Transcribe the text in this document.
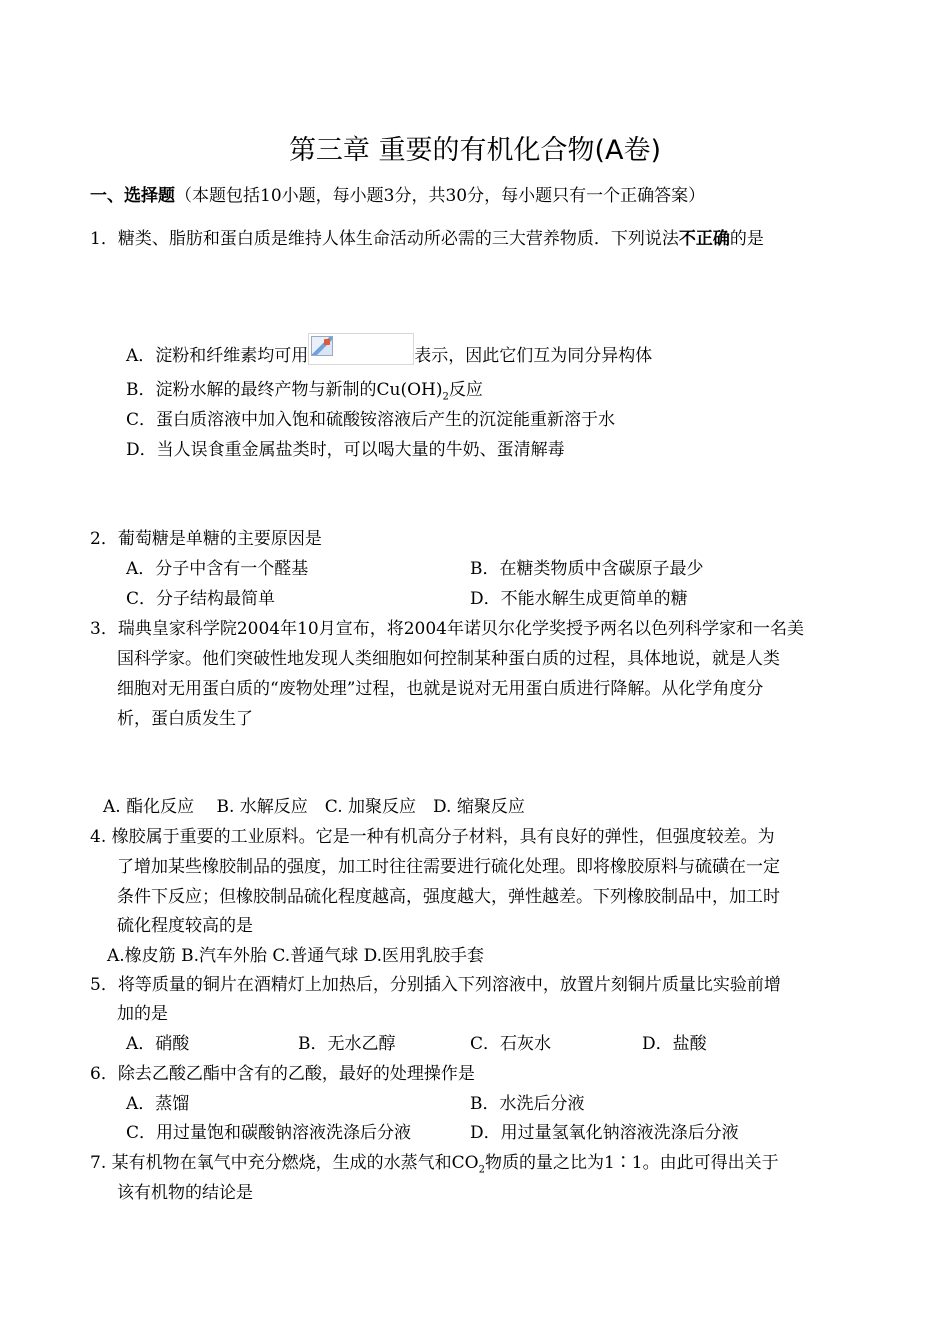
第三章 重要的有机化合物(A卷)
一、选择题（本题包括10小题，每小题3分，共30分，每小题只有一个正确答案）
1．糖类、脂肪和蛋白质是维持人体生命活动所必需的三大营养物质．下列说法不正确的是
A．淀粉和纤维素均可用	表示，因此它们互为同分异构体
B．淀粉水解的最终产物与新制的$Cu(OH)_2$反应
C．蛋白质溶液中加入饱和硫酸铵溶液后产生的沉淀能重新溶于水
D．当人误食重金属盐类时，可以喝大量的牛奶、蛋清解毒
2．葡萄糖是单糖的主要原因是
A．分子中含有一个醛基	B．在糖类物质中含碳原子最少
C．分子结构最简单	D．不能水解生成更简单的糖
3．瑞典皇家科学院2004年10月宣布，将2004年诺贝尔化学奖授予两名以色列科学家和一名美
国科学家。他们突破性地发现人类细胞如何控制某种蛋白质的过程，具体地说，就是人类
细胞对无用蛋白质的“废物处理”过程，也就是说对无用蛋白质进行降解。从化学角度分
析，蛋白质发生了
A. 酯化反应　 B. 水解反应　C. 加聚反应　D. 缩聚反应
4. 橡胶属于重要的工业原料。它是一种有机高分子材料，具有良好的弹性，但强度较差。为
了增加某些橡胶制品的强度，加工时往往需要进行硫化处理。即将橡胶原料与硫磺在一定
条件下反应；但橡胶制品硫化程度越高，强度越大，弹性越差。下列橡胶制品中，加工时
硫化程度较高的是
A.橡皮筋 B.汽车外胎 C.普通气球 D.医用乳胶手套
5．将等质量的铜片在酒精灯上加热后，分别插入下列溶液中，放置片刻铜片质量比实验前增
加的是
A．硝酸	B．无水乙醇	C．石灰水	D．盐酸
6．除去乙酸乙酯中含有的乙酸，最好的处理操作是
A．蒸馏	B．水洗后分液
C．用过量饱和碳酸钠溶液洗涤后分液	D．用过量氢氧化钠溶液洗涤后分液
7. 某有机物在氧气中充分燃烧，生成的水蒸气和$CO_2$物质的量之比为1∶1。由此可得出关于
该有机物的结论是
